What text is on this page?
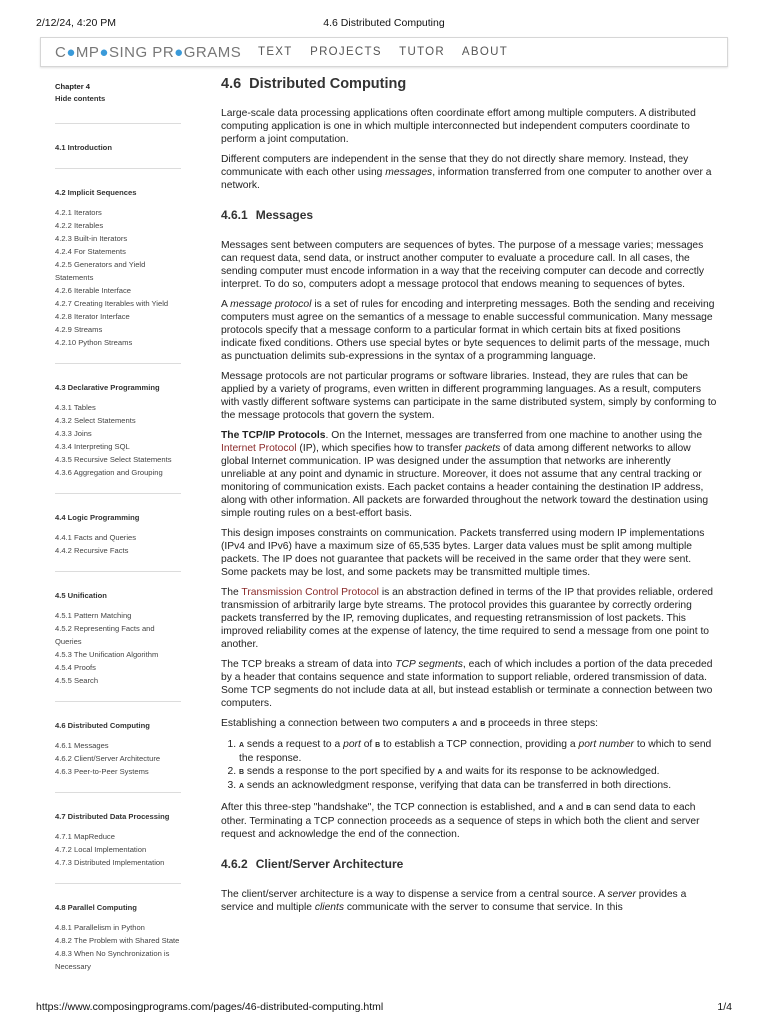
2/12/24, 4:20 PM	4.6 Distributed Computing
C●MP●SING PR●GRAMS TEXT PROJECTS TUTOR ABOUT
Chapter 4
Hide contents
4.1 Introduction
4.2 Implicit Sequences
4.2.1 Iterators
4.2.2 Iterables
4.2.3 Built-in Iterators
4.2.4 For Statements
4.2.5 Generators and Yield Statements
4.2.6 Iterable Interface
4.2.7 Creating Iterables with Yield
4.2.8 Iterator Interface
4.2.9 Streams
4.2.10 Python Streams
4.3 Declarative Programming
4.3.1 Tables
4.3.2 Select Statements
4.3.3 Joins
4.3.4 Interpreting SQL
4.3.5 Recursive Select Statements
4.3.6 Aggregation and Grouping
4.4 Logic Programming
4.4.1 Facts and Queries
4.4.2 Recursive Facts
4.5 Unification
4.5.1 Pattern Matching
4.5.2 Representing Facts and Queries
4.5.3 The Unification Algorithm
4.5.4 Proofs
4.5.5 Search
4.6 Distributed Computing
4.6.1 Messages
4.6.2 Client/Server Architecture
4.6.3 Peer-to-Peer Systems
4.7 Distributed Data Processing
4.7.1 MapReduce
4.7.2 Local Implementation
4.7.3 Distributed Implementation
4.8 Parallel Computing
4.8.1 Parallelism in Python
4.8.2 The Problem with Shared State
4.8.3 When No Synchronization is Necessary
4.6 Distributed Computing

Large-scale data processing applications often coordinate effort among multiple computers. A distributed computing application is one in which multiple interconnected but independent computers coordinate to perform a joint computation.

Different computers are independent in the sense that they do not directly share memory. Instead, they communicate with each other using messages, information transferred from one computer to another over a network.

4.6.1 Messages

Messages sent between computers are sequences of bytes. The purpose of a message varies; messages can request data, send data, or instruct another computer to evaluate a procedure call. In all cases, the sending computer must encode information in a way that the receiving computer can decode and correctly interpret. To do so, computers adopt a message protocol that endows meaning to sequences of bytes.

A message protocol is a set of rules for encoding and interpreting messages. Both the sending and receiving computers must agree on the semantics of a message to enable successful communication. Many message protocols specify that a message conform to a particular format in which certain bits at fixed positions indicate fixed conditions. Others use special bytes or byte sequences to delimit parts of the message, much as punctuation delimits sub-expressions in the syntax of a programming language.

Message protocols are not particular programs or software libraries. Instead, they are rules that can be applied by a variety of programs, even written in different programming languages. As a result, computers with vastly different software systems can participate in the same distributed system, simply by conforming to the message protocols that govern the system.

The TCP/IP Protocols. On the Internet, messages are transferred from one machine to another using the Internet Protocol (IP), which specifies how to transfer packets of data among different networks to allow global Internet communication. IP was designed under the assumption that networks are inherently unreliable at any point and dynamic in structure. Moreover, it does not assume that any central tracking or monitoring of communication exists. Each packet contains a header containing the destination IP address, along with other information. All packets are forwarded throughout the network toward the destination using simple routing rules on a best-effort basis.

This design imposes constraints on communication. Packets transferred using modern IP implementations (IPv4 and IPv6) have a maximum size of 65,535 bytes. Larger data values must be split among multiple packets. The IP does not guarantee that packets will be received in the same order that they were sent. Some packets may be lost, and some packets may be transmitted multiple times.

The Transmission Control Protocol is an abstraction defined in terms of the IP that provides reliable, ordered transmission of arbitrarily large byte streams. The protocol provides this guarantee by correctly ordering packets transferred by the IP, removing duplicates, and requesting retransmission of lost packets. This improved reliability comes at the expense of latency, the time required to send a message from one point to another.

The TCP breaks a stream of data into TCP segments, each of which includes a portion of the data preceded by a header that contains sequence and state information to support reliable, ordered transmission of data. Some TCP segments do not include data at all, but instead establish or terminate a connection between two computers.

Establishing a connection between two computers A and B proceeds in three steps:

1. A sends a request to a port of B to establish a TCP connection, providing a port number to which to send the response.
2. B sends a response to the port specified by A and waits for its response to be acknowledged.
3. A sends an acknowledgment response, verifying that data can be transferred in both directions.

After this three-step "handshake", the TCP connection is established, and A and B can send data to each other. Terminating a TCP connection proceeds as a sequence of steps in which both the client and server request and acknowledge the end of the connection.

4.6.2 Client/Server Architecture

The client/server architecture is a way to dispense a service from a central source. A server provides a service and multiple clients communicate with the server to consume that service. In this

https://www.composingprograms.com/pages/46-distributed-computing.html	1/4
